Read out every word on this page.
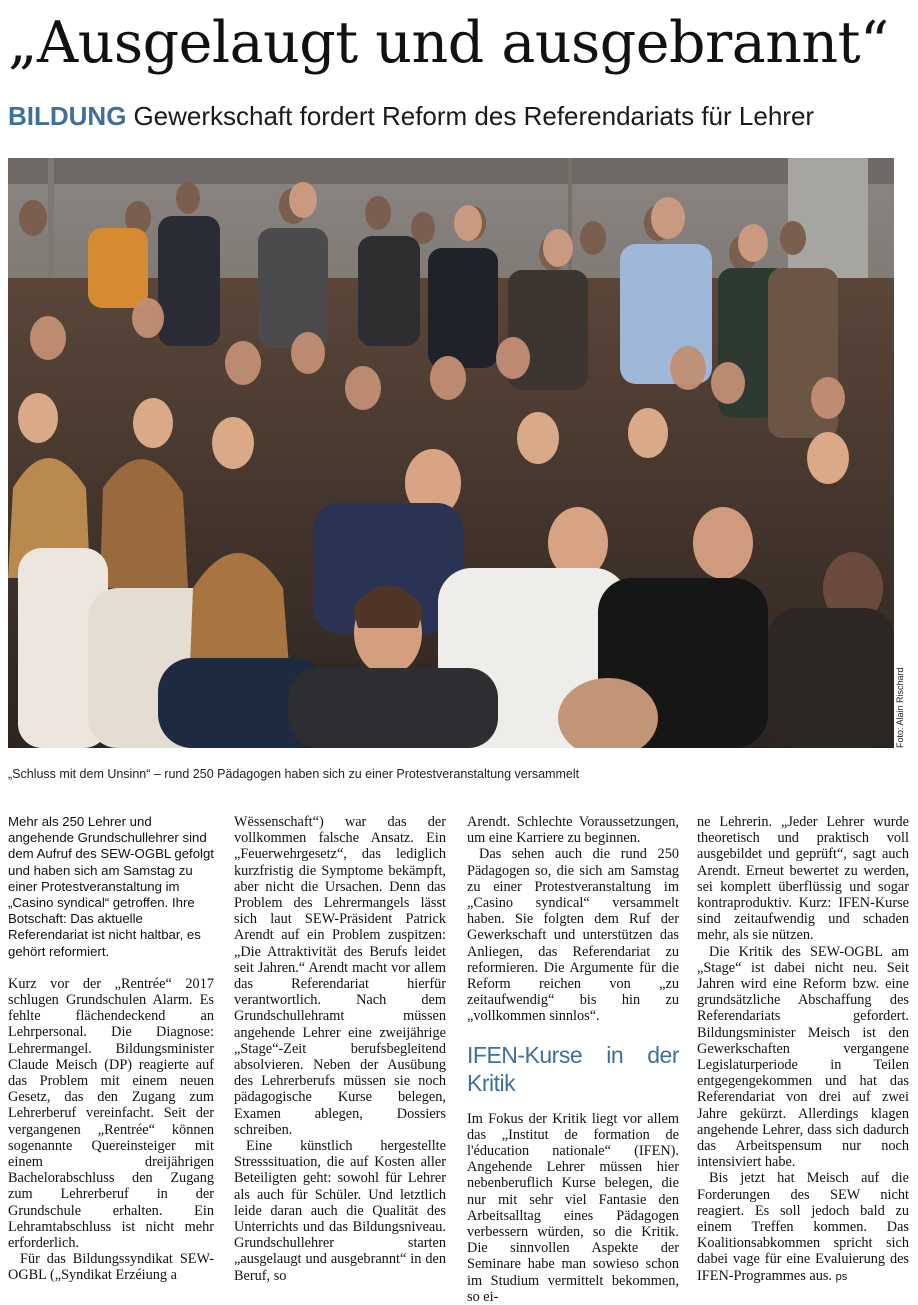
„Ausgelaugt und ausgebrannt“
BILDUNG Gewerkschaft fordert Reform des Referendariats für Lehrer
Foto: Alain Rischard
„Schluss mit dem Unsinn“ – rund 250 Pädagogen haben sich zu einer Protestveranstaltung versammelt

Mehr als 250 Lehrer und angehende Grundschullehrer sind dem Aufruf des SEW-OGBL gefolgt und haben sich am Samstag zu einer Protestveranstaltung im „Casino syndical“ getroffen. Ihre Botschaft: Das aktuelle Referendariat ist nicht haltbar, es gehört reformiert.

Kurz vor der „Rentrée“ 2017 schlugen Grundschulen Alarm. Es fehlte flächendeckend an Lehrpersonal. Die Diagnose: Lehrermangel. Bildungsminister Claude Meisch (DP) reagierte auf das Problem mit einem neuen Gesetz, das den Zugang zum Lehrerberuf vereinfacht. Seit der vergangenen „Rentrée“ können sogenannte Quereinsteiger mit einem dreijährigen Bachelorabschluss den Zugang zum Lehrerberuf in der Grundschule erhalten. Ein Lehramtabschluss ist nicht mehr erforderlich.

Für das Bildungssyndikat SEW-OGBL („Syndikat Erzéiung a

Wëssenschaft“) war das der vollkommen falsche Ansatz. Ein „Feuerwehrgesetz“, das lediglich kurzfristig die Symptome bekämpft, aber nicht die Ursachen. Denn das Problem des Lehrermangels lässt sich laut SEW-Präsident Patrick Arendt auf ein Problem zuspitzen: „Die Attraktivität des Berufs leidet seit Jahren.“ Arendt macht vor allem das Referendariat hierfür verantwortlich. Nach dem Grundschullehramt müssen angehende Lehrer eine zweijährige „Stage“-Zeit berufsbegleitend absolvieren. Neben der Ausübung des Lehrerberufs müssen sie noch pädagogische Kurse belegen, Examen ablegen, Dossiers schreiben.

Eine künstlich hergestellte Stresssituation, die auf Kosten aller Beteiligten geht: sowohl für Lehrer als auch für Schüler. Und letztlich leide daran auch die Qualität des Unterrichts und das Bildungsniveau. Grundschullehrer starten „ausgelaugt und ausgebrannt“ in den Beruf, so

Arendt. Schlechte Voraussetzungen, um eine Karriere zu beginnen.

Das sehen auch die rund 250 Pädagogen so, die sich am Samstag zu einer Protestveranstaltung im „Casino syndical“ versammelt haben. Sie folgten dem Ruf der Gewerkschaft und unterstützen das Anliegen, das Referendariat zu reformieren. Die Argumente für die Reform reichen von „zu zeitaufwendig“ bis hin zu „vollkommen sinnlos“.

IFEN-Kurse in der Kritik

Im Fokus der Kritik liegt vor allem das „Institut de formation de l'éducation nationale“ (IFEN). Angehende Lehrer müssen hier nebenberuflich Kurse belegen, die nur mit sehr viel Fantasie den Arbeitsalltag eines Pädagogen verbessern würden, so die Kritik. Die sinnvollen Aspekte der Seminare habe man sowieso schon im Studium vermittelt bekommen, so ei-

ne Lehrerin. „Jeder Lehrer wurde theoretisch und praktisch voll ausgebildet und geprüft“, sagt auch Arendt. Erneut bewertet zu werden, sei komplett überflüssig und sogar kontraproduktiv. Kurz: IFEN-Kurse sind zeitaufwendig und schaden mehr, als sie nützen.

Die Kritik des SEW-OGBL am „Stage“ ist dabei nicht neu. Seit Jahren wird eine Reform bzw. eine grundsätzliche Abschaffung des Referendariats gefordert. Bildungsminister Meisch ist den Gewerkschaften vergangene Legislaturperiode in Teilen entgegengekommen und hat das Referendariat von drei auf zwei Jahre gekürzt. Allerdings klagen angehende Lehrer, dass sich dadurch das Arbeitspensum nur noch intensiviert habe.

Bis jetzt hat Meisch auf die Forderungen des SEW nicht reagiert. Es soll jedoch bald zu einem Treffen kommen. Das Koalitionsabkommen spricht sich dabei vage für eine Evaluierung des IFEN-Programmes aus. ps
